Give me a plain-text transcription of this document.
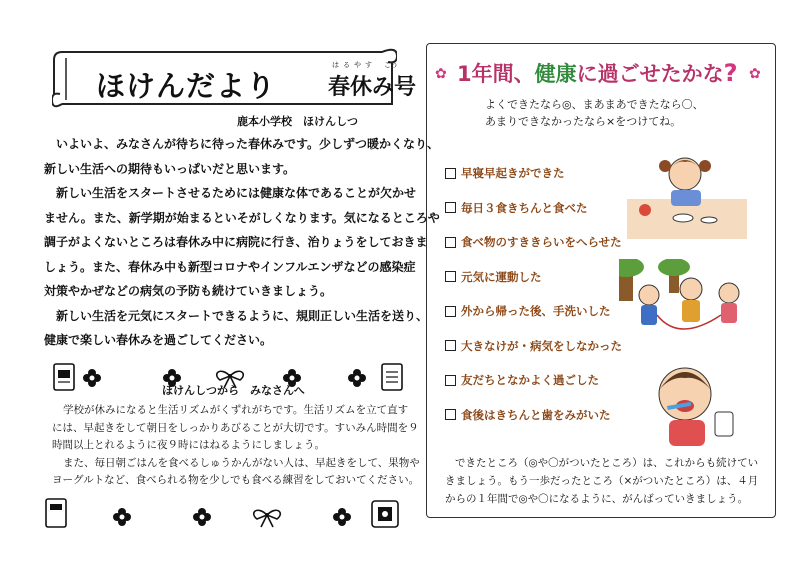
ほけんだより
はるやす ごう
春休み号
鹿本小学校　ほけんしつ

いよいよ、みなさんが待ちに待った春休みです。少しずつ暖かくなり、

新しい生活への期待もいっぱいだと思います。

新しい生活をスタートさせるためには健康な体であることが欠かせ

ません。また、新学期が始まるといそがしくなります。気になるところや

調子がよくないところは春休み中に病院に行き、治りょうをしておきま

しょう。また、春休み中も新型コロナやインフルエンザなどの感染症

対策やかぜなどの病気の予防も続けていきましょう。

新しい生活を元気にスタートできるように、規則正しい生活を送り、

健康で楽しい春休みを過ごしてください。

ほけんしつから　みなさんへ

学校が休みになると生活リズムがくずれがちです。生活リズムを立て直す

には、早起きをして朝日をしっかりあびることが大切です。すいみん時間を９

時間以上とれるように夜９時にはねるようにしましょう。

また、毎日朝ごはんを食べるしゅうかんがない人は、早起きをして、果物や

ヨーグルトなど、食べられる物を少しでも食べる練習をしておいてください。

✿ 1年間、健康に過ごせたかな? ✿
よくできたなら◎、まあまあできたなら〇、
あまりできなかったなら×をつけてね。
早寝早起きができた
毎日３食きちんと食べた
食べ物のすききらいをへらせた
元気に運動した
外から帰った後、手洗いした
大きなけが・病気をしなかった
友だちとなかよく過ごした
食後はきちんと歯をみがいた

できたところ（◎や〇がついたところ）は、これからも続けてい

きましょう。もう一歩だったところ（×がついたところ）は、４月

からの１年間で◎や〇になるように、がんばっていきましょう。
